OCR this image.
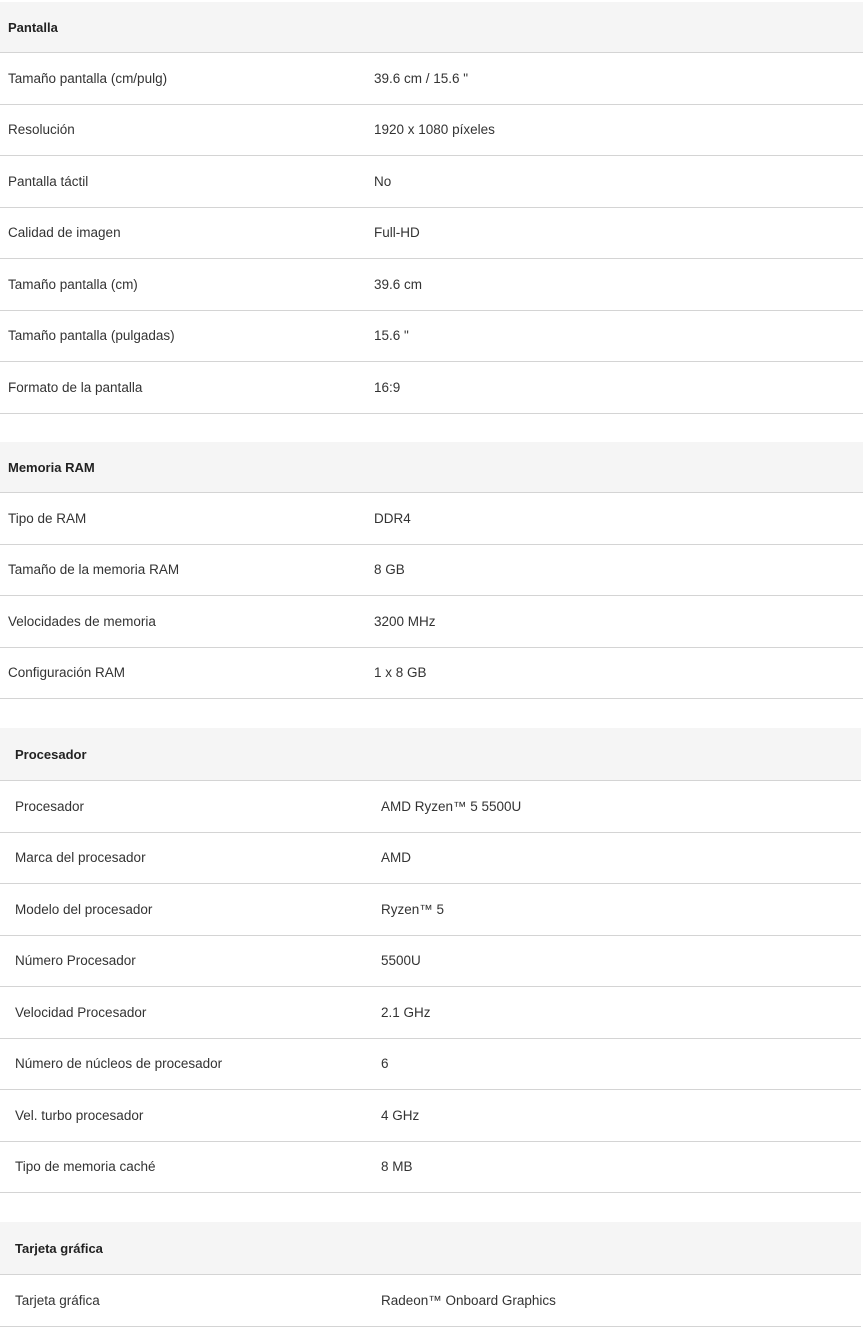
Pantalla
Tamaño pantalla (cm/pulg)	39.6 cm / 15.6 "
Resolución	1920 x 1080 píxeles
Pantalla táctil	No
Calidad de imagen	Full-HD
Tamaño pantalla (cm)	39.6 cm
Tamaño pantalla (pulgadas)	15.6 "
Formato de la pantalla	16:9
Memoria RAM
Tipo de RAM	DDR4
Tamaño de la memoria RAM	8 GB
Velocidades de memoria	3200 MHz
Configuración RAM	1 x 8 GB
Procesador
Procesador	AMD Ryzen™ 5 5500U
Marca del procesador	AMD
Modelo del procesador	Ryzen™ 5
Número Procesador	5500U
Velocidad Procesador	2.1 GHz
Número de núcleos de procesador	6
Vel. turbo procesador	4 GHz
Tipo de memoria caché	8 MB
Tarjeta gráfica
Tarjeta gráfica	Radeon™ Onboard Graphics
